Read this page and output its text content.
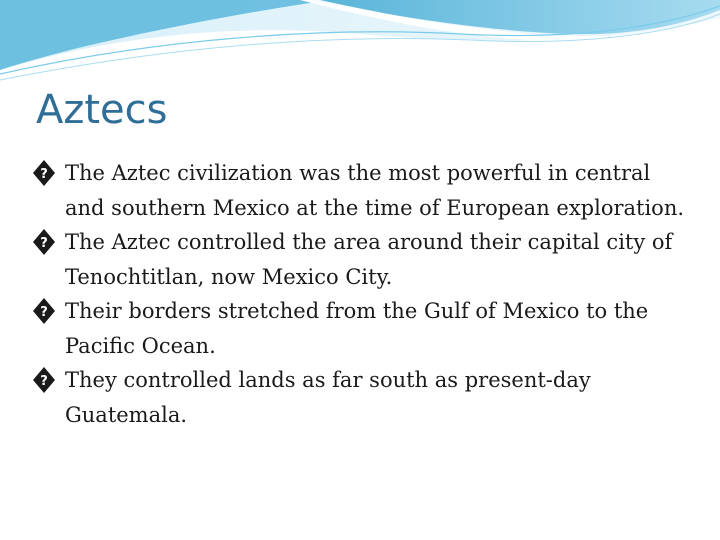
Aztecs
? The Aztec civilization was the most powerful in central and southern Mexico at the time of European exploration.
? The Aztec controlled the area around their capital city of Tenochtitlan, now Mexico City.
? Their borders stretched from the Gulf of Mexico to the Pacific Ocean.
? They controlled lands as far south as present-day Guatemala.
